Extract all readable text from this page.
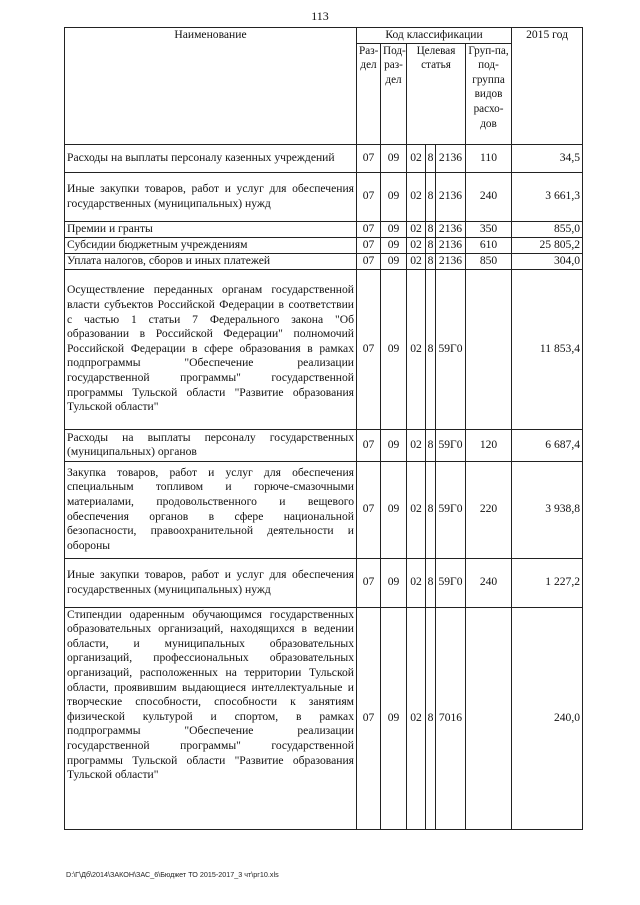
113
Наименование	Код классификации						2015 год
	Раз-дел	Под-раз-дел	Целевая статья			Груп-па, под-группа видов расхо-дов	
Расходы на выплаты персоналу казенных учреждений	07	09	02	8	2136	110	34,5
Иные закупки товаров, работ и услуг для обеспечения государственных (муниципальных) нужд	07	09	02	8	2136	240	3 661,3
Премии и гранты	07	09	02	8	2136	350	855,0
Субсидии бюджетным учреждениям	07	09	02	8	2136	610	25 805,2
Уплата налогов, сборов и иных платежей	07	09	02	8	2136	850	304,0
Осуществление переданных органам государственной власти субъектов Российской Федерации в соответствии с частью 1 статьи 7 Федерального закона "Об образовании в Российской Федерации" полномочий Российской Федерации в сфере образования в рамках подпрограммы "Обеспечение реализации государственной программы" государственной программы Тульской области "Развитие образования Тульской области"	07	09	02	8	59Г0		11 853,4
Расходы на выплаты персоналу государственных (муниципальных) органов	07	09	02	8	59Г0	120	6 687,4
Закупка товаров, работ и услуг для обеспечения специальным топливом и горюче-смазочными материалами, продовольственного и вещевого обеспечения органов в сфере национальной безопасности, правоохранительной деятельности и обороны	07	09	02	8	59Г0	220	3 938,8
Иные закупки товаров, работ и услуг для обеспечения государственных (муниципальных) нужд	07	09	02	8	59Г0	240	1 227,2
Стипендии одаренным обучающимся государственных образовательных организаций, находящихся в ведении области, и муниципальных образовательных организаций, профессиональных образовательных организаций, расположенных на территории Тульской области, проявившим выдающиеся интеллектуальные и творческие способности, способности к занятиям физической культурой и спортом, в рамках подпрограммы "Обеспечение реализации государственной программы" государственной программы Тульской области "Развитие образования Тульской области"	07	09	02	8	7016		240,0
D:\Г\Дб\2014\ЗАКОН\ЗАС_6\Бюджет ТО 2015-2017_3 чт\рг10.xls
